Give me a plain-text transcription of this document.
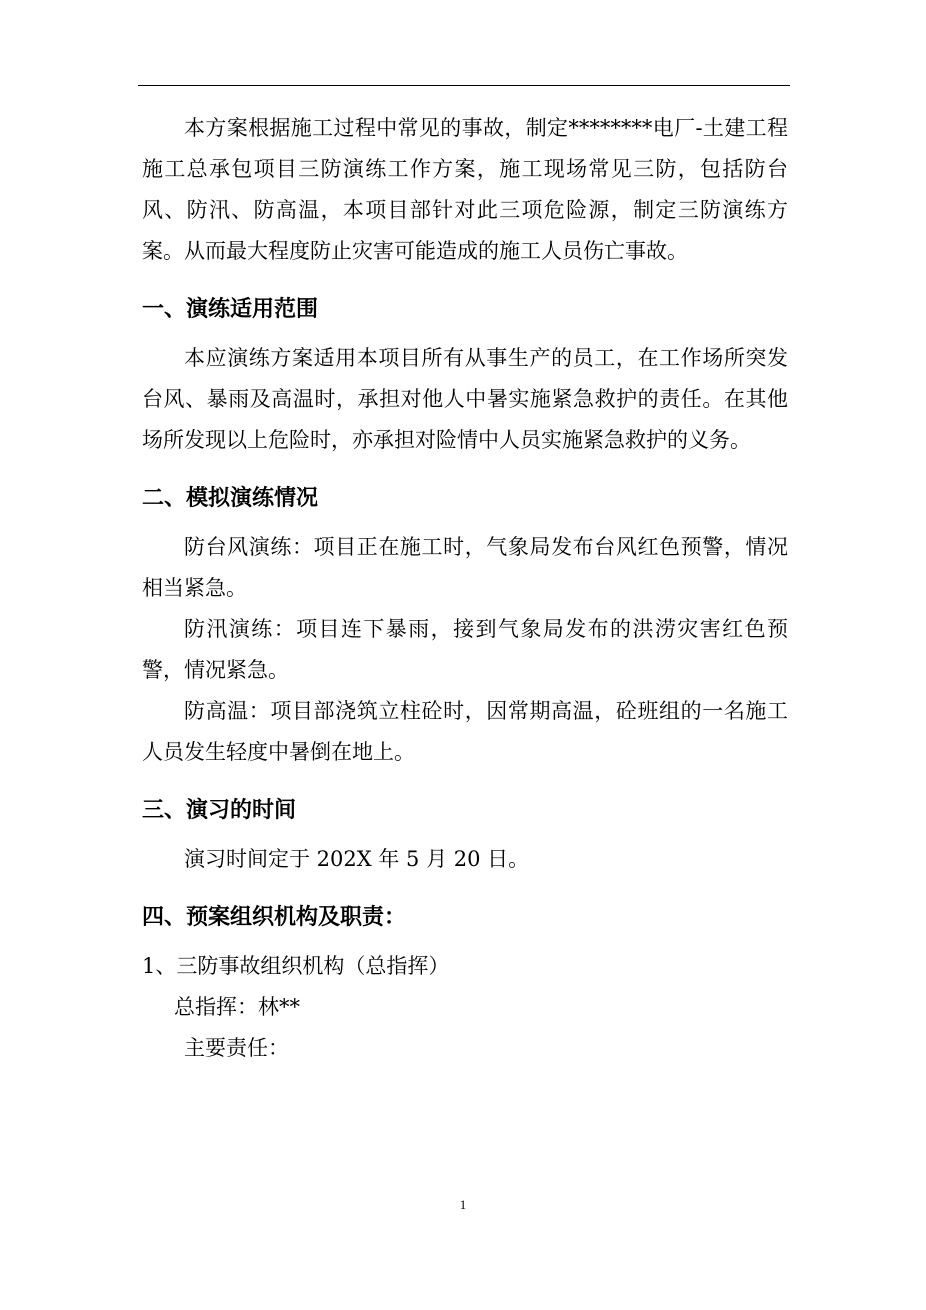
本方案根据施工过程中常见的事故，制定********电厂-土建工程施工总承包项目三防演练工作方案，施工现场常见三防，包括防台风、防汛、防高温，本项目部针对此三项危险源，制定三防演练方案。从而最大程度防止灾害可能造成的施工人员伤亡事故。

一、演练适用范围

本应演练方案适用本项目所有从事生产的员工，在工作场所突发台风、暴雨及高温时，承担对他人中暑实施紧急救护的责任。在其他场所发现以上危险时，亦承担对险情中人员实施紧急救护的义务。

二、模拟演练情况

防台风演练：项目正在施工时，气象局发布台风红色预警，情况相当紧急。

防汛演练：项目连下暴雨，接到气象局发布的洪涝灾害红色预警，情况紧急。

防高温：项目部浇筑立柱砼时，因常期高温，砼班组的一名施工人员发生轻度中暑倒在地上。

三、演习的时间

演习时间定于 202X 年 5 月 20 日。

四、预案组织机构及职责：

1、三防事故组织机构（总指挥）

总指挥：林**

主要责任：

1
